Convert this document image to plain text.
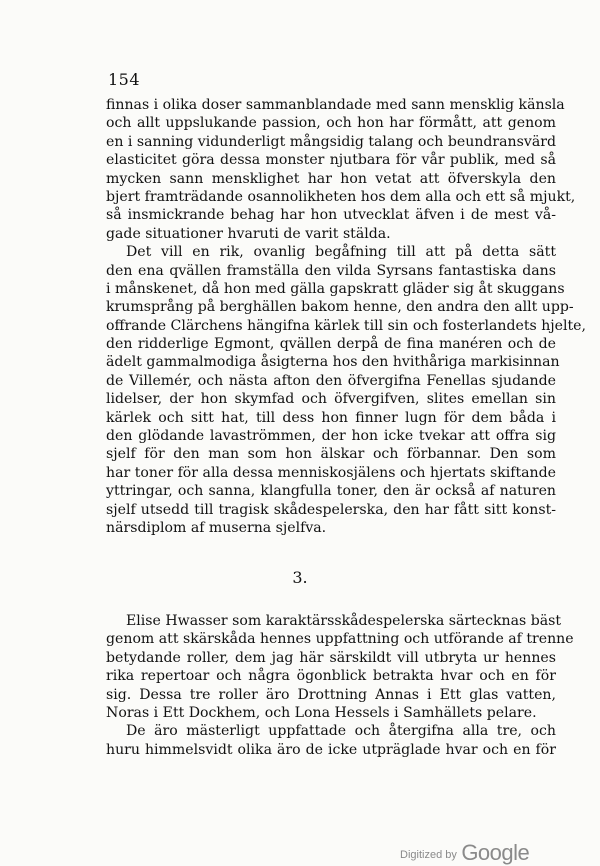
154
finnas i olika doser sammanblandade med sann mensklig känsla
och allt uppslukande passion, och hon har förmått, att genom
en i sanning vidunderligt mångsidig talang och beundransvärd
elasticitet göra dessa monster njutbara för vår publik, med så
mycken sann mensklighet har hon vetat att öfverskyla den
bjert framträdande osannolikheten hos dem alla och ett så mjukt,
så insmickrande behag har hon utvecklat äfven i de mest vå-
gade situationer hvaruti de varit stälda.
Det vill en rik, ovanlig begåfning till att på detta sätt
den ena qvällen framställa den vilda Syrsans fantastiska dans
i månskenet, då hon med gälla gapskratt gläder sig åt skuggans
krumsprång på berghällen bakom henne, den andra den allt upp-
offrande Clärchens hängifna kärlek till sin och fosterlandets hjelte,
den ridderlige Egmont, qvällen derpå de fina manéren och de
ädelt gammalmodiga åsigterna hos den hvithåriga markisinnan
de Villemér, och nästa afton den öfvergifna Fenellas sjudande
lidelser, der hon skymfad och öfvergifven, slites emellan sin
kärlek och sitt hat, till dess hon finner lugn för dem båda i
den glödande lavaströmmen, der hon icke tvekar att offra sig
sjelf för den man som hon älskar och förbannar. Den som
har toner för alla dessa menniskosjälens och hjertats skiftande
yttringar, och sanna, klangfulla toner, den är också af naturen
sjelf utsedd till tragisk skådespelerska, den har fått sitt konst-
närsdiplom af muserna sjelfva.
3.
Elise Hwasser som karaktärsskådespelerska särtecknas bäst
genom att skärskåda hennes uppfattning och utförande af trenne
betydande roller, dem jag här särskildt vill utbryta ur hennes
rika repertoar och några ögonblick betrakta hvar och en för
sig. Dessa tre roller äro Drottning Annas i Ett glas vatten,
Noras i Ett Dockhem, och Lona Hessels i Samhällets pelare.
De äro mästerligt uppfattade och återgifna alla tre, och
huru himmelsvidt olika äro de icke utpräglade hvar och en för
Digitized by Google
